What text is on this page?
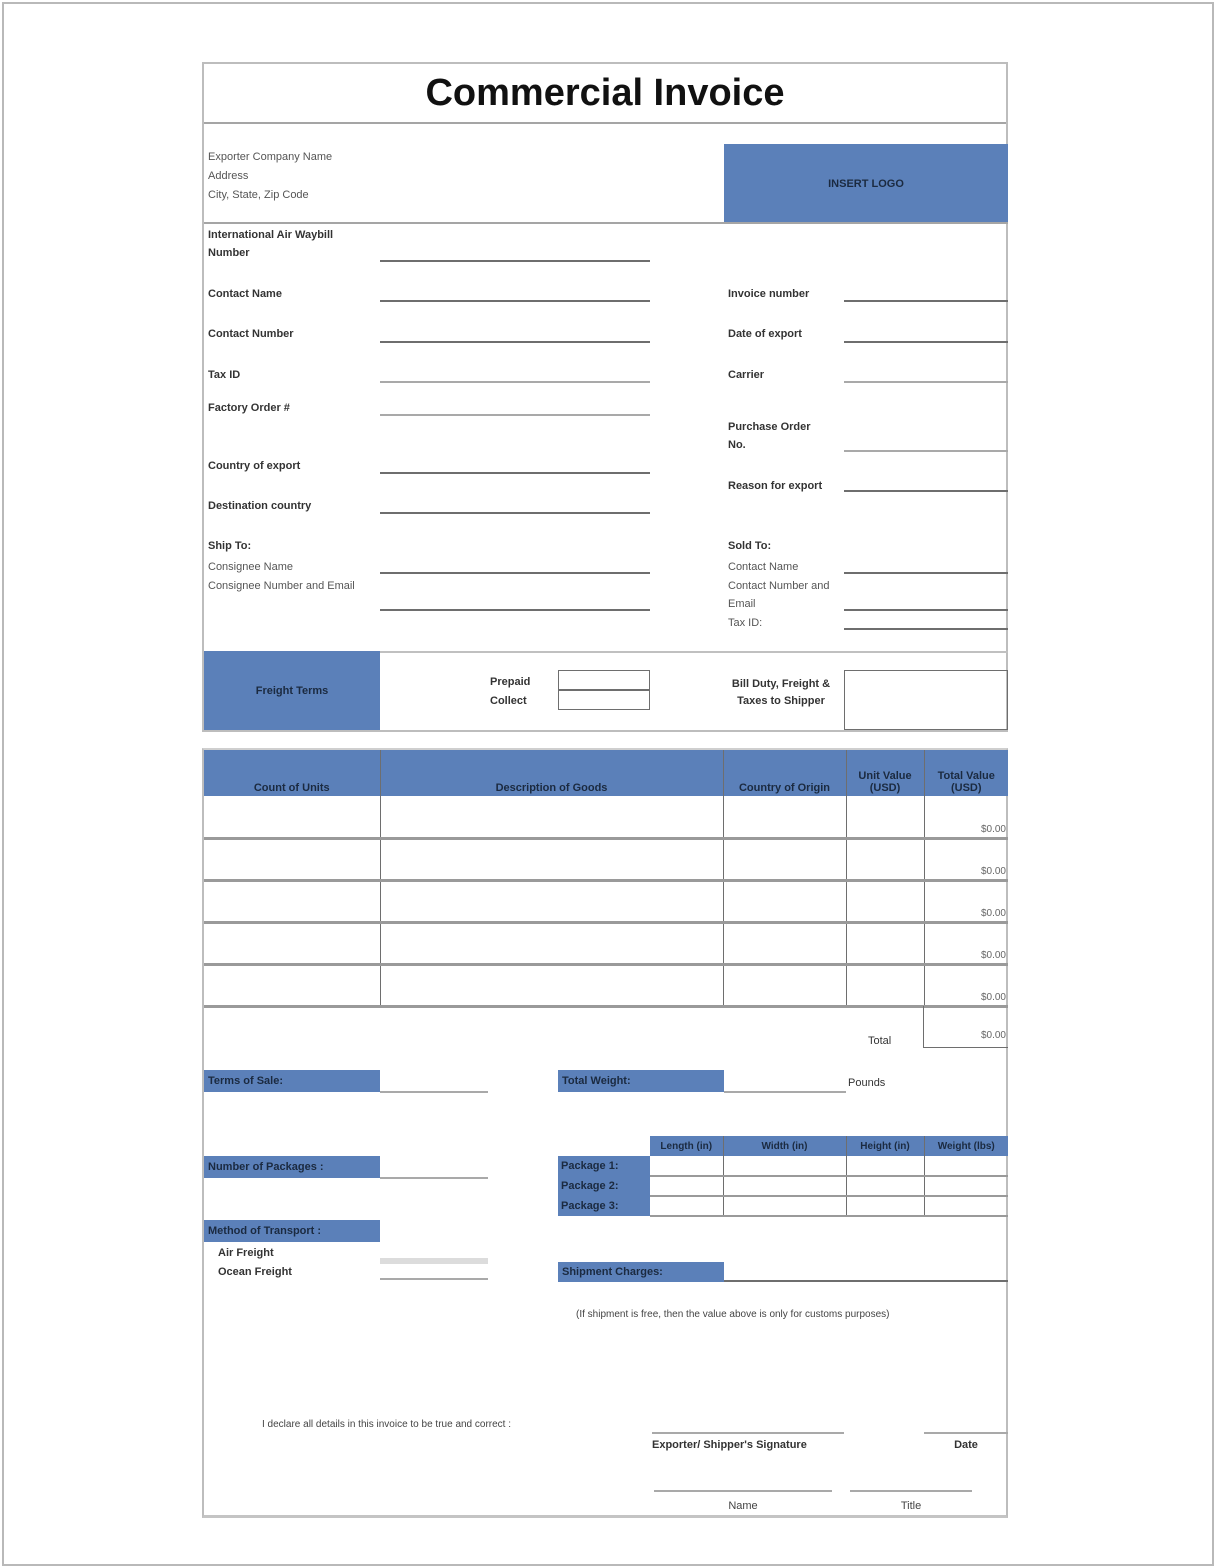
Commercial Invoice
Exporter Company Name
Address
City, State, Zip Code
INSERT LOGO
International Air Waybill Number
Contact Name
Contact Number
Tax ID
Factory Order #
Country of export
Destination country
Invoice number
Date of export
Carrier
Purchase Order No.
Reason for export
Ship To:
Consignee Name
Consignee Number and Email
Sold To:
Contact Name
Contact Number and Email
Tax ID:
Freight Terms
Prepaid
Collect
Bill Duty, Freight & Taxes to Shipper
Count of Units	Description of Goods	Country of Origin	Unit Value (USD)	Total Value (USD)
				$0.00
				$0.00
				$0.00
				$0.00
				$0.00
Total	$0.00
Terms of Sale:	Total Weight:	Pounds
Number of Packages :
	Length (in)	Width (in)	Height (in)	Weight (lbs)
Package 1:				
Package 2:				
Package 3:				
Method of Transport :
Air Freight
Ocean Freight	Shipment Charges:
(If shipment is free, then the value above is only for customs purposes)
I declare all details in this invoice to be true and correct :
Exporter/ Shipper's Signature	Date
Name	Title
